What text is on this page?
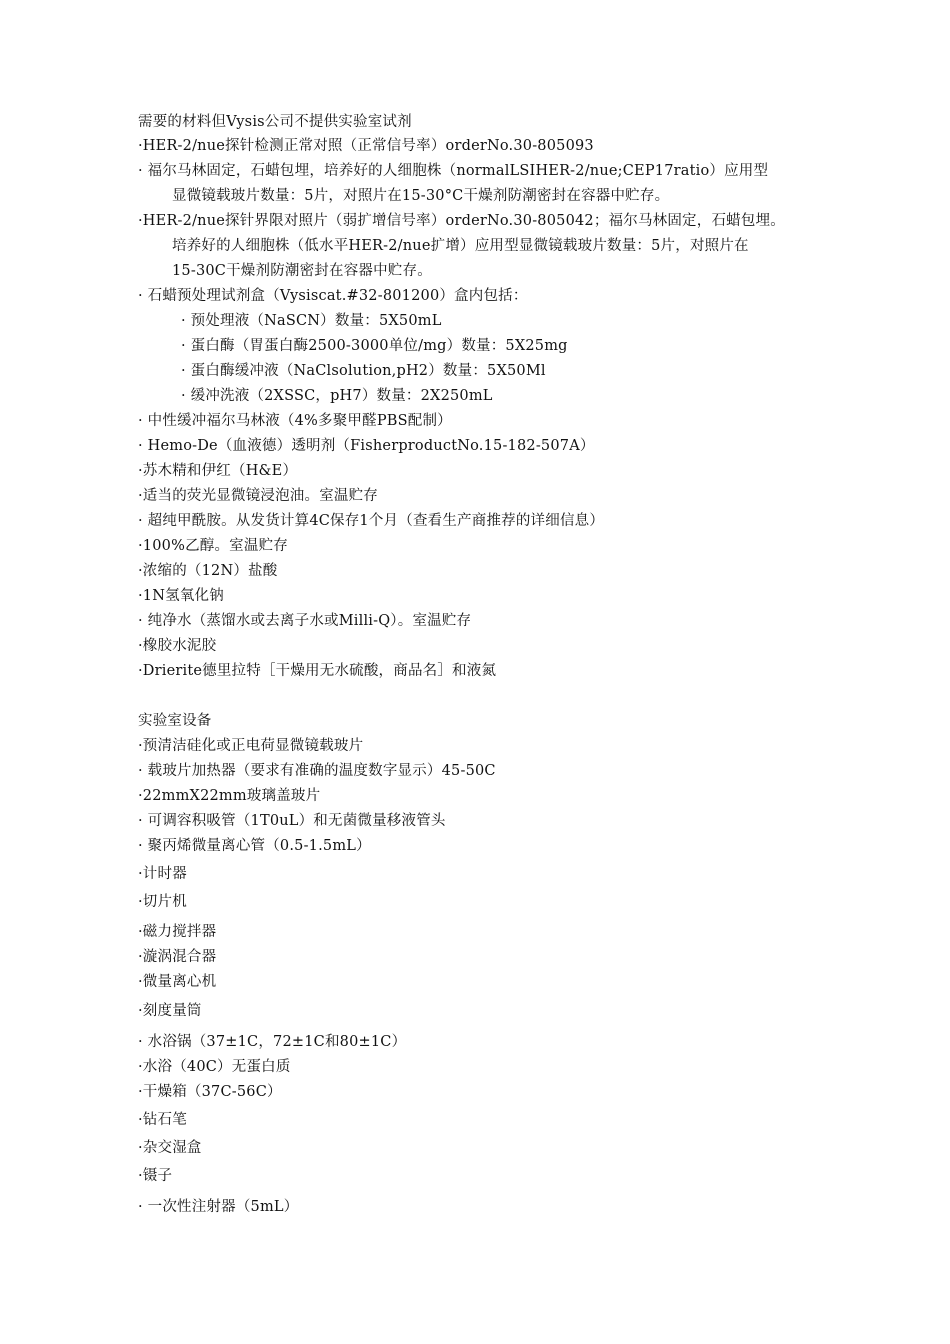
需要的材料但Vysis公司不提供实验室试剂
·HER-2/nue探针检测正常对照（正常信号率）orderNo.30-805093
· 福尔马林固定，石蜡包埋，培养好的人细胞株（normalLSIHER-2/nue;CEP17ratio）应用型
显微镜载玻片数量：5片，对照片在15-30°C干燥剂防潮密封在容器中贮存。
·HER-2/nue探针界限对照片（弱扩增信号率）orderNo.30-805042；福尔马林固定，石蜡包埋。
培养好的人细胞株（低水平HER-2/nue扩增）应用型显微镜载玻片数量：5片，对照片在
15-30C干燥剂防潮密封在容器中贮存。
· 石蜡预处理试剂盒（Vysiscat.#32-801200）盒内包括：
· 预处理液（NaSCN）数量：5X50mL
· 蛋白酶（胃蛋白酶2500-3000单位/mg）数量：5X25mg
· 蛋白酶缓冲液（NaClsolution,pH2）数量：5X50Ml
· 缓冲洗液（2XSSC，pH7）数量：2X250mL
· 中性缓冲福尔马林液（4%多聚甲醛PBS配制）
· Hemo-De（血液德）透明剂（FisherproductNo.15-182-507A）
·苏木精和伊红（H&E）
·适当的荧光显微镜浸泡油。室温贮存
· 超纯甲酰胺。从发货计算4C保存1个月（查看生产商推荐的详细信息）
·100%乙醇。室温贮存
·浓缩的（12N）盐酸
·1N氢氧化钠
· 纯净水（蒸馏水或去离子水或Milli-Q）。室温贮存
·橡胶水泥胶
·Drierite德里拉特［干燥用无水硫酸，商品名］和液氮
实验室设备
·预清洁硅化或正电荷显微镜载玻片
· 载玻片加热器（要求有准确的温度数字显示）45-50C
·22mmX22mm玻璃盖玻片
· 可调容积吸管（1T0uL）和无菌微量移液管头
· 聚丙烯微量离心管（0.5-1.5mL）
·计时器
·切片机
·磁力搅拌器
·漩涡混合器
·微量离心机
·刻度量筒
· 水浴锅（37±1C，72±1C和80±1C）
·水浴（40C）无蛋白质
·干燥箱（37C-56C）
·钻石笔
·杂交湿盒
·镊子
· 一次性注射器（5mL）
